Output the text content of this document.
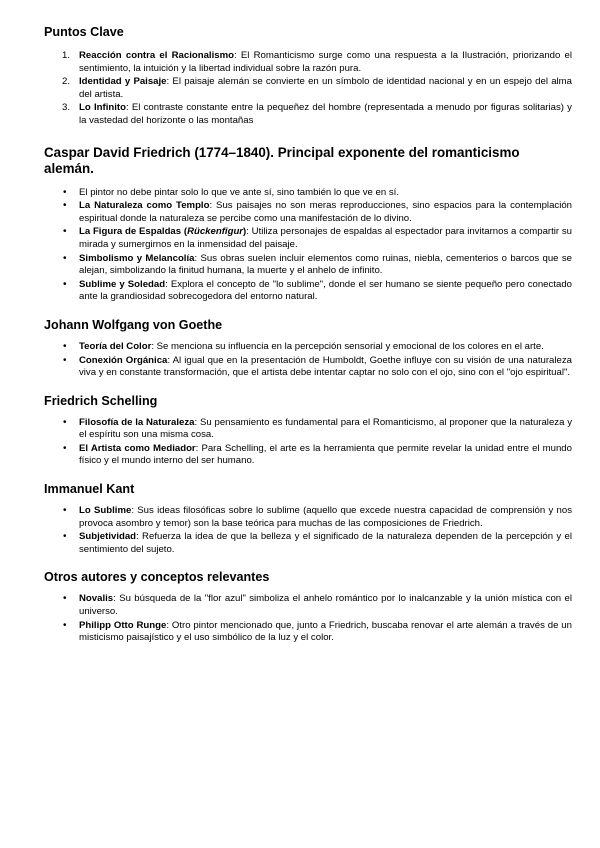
Puntos Clave
1. Reacción contra el Racionalismo: El Romanticismo surge como una respuesta a la Ilustración, priorizando el sentimiento, la intuición y la libertad individual sobre la razón pura.
2. Identidad y Paisaje: El paisaje alemán se convierte en un símbolo de identidad nacional y en un espejo del alma del artista.
3. Lo Infinito: El contraste constante entre la pequeñez del hombre (representada a menudo por figuras solitarias) y la vastedad del horizonte o las montañas
Caspar David Friedrich (1774–1840). Principal exponente del romanticismo alemán.
• El pintor no debe pintar solo lo que ve ante sí, sino también lo que ve en sí.
• La Naturaleza como Templo: Sus paisajes no son meras reproducciones, sino espacios para la contemplación espiritual donde la naturaleza se percibe como una manifestación de lo divino.
• La Figura de Espaldas (Rückenfigur): Utiliza personajes de espaldas al espectador para invitarnos a compartir su mirada y sumergirnos en la inmensidad del paisaje.
• Simbolismo y Melancolía: Sus obras suelen incluir elementos como ruinas, niebla, cementerios o barcos que se alejan, simbolizando la finitud humana, la muerte y el anhelo de infinito.
• Sublime y Soledad: Explora el concepto de "lo sublime", donde el ser humano se siente pequeño pero conectado ante la grandiosidad sobrecogedora del entorno natural.
Johann Wolfgang von Goethe
• Teoría del Color: Se menciona su influencia en la percepción sensorial y emocional de los colores en el arte.
• Conexión Orgánica: Al igual que en la presentación de Humboldt, Goethe influye con su visión de una naturaleza viva y en constante transformación, que el artista debe intentar captar no solo con el ojo, sino con el "ojo espiritual".
Friedrich Schelling
• Filosofía de la Naturaleza: Su pensamiento es fundamental para el Romanticismo, al proponer que la naturaleza y el espíritu son una misma cosa.
• El Artista como Mediador: Para Schelling, el arte es la herramienta que permite revelar la unidad entre el mundo físico y el mundo interno del ser humano.
Immanuel Kant
• Lo Sublime: Sus ideas filosóficas sobre lo sublime (aquello que excede nuestra capacidad de comprensión y nos provoca asombro y temor) son la base teórica para muchas de las composiciones de Friedrich.
• Subjetividad: Refuerza la idea de que la belleza y el significado de la naturaleza dependen de la percepción y el sentimiento del sujeto.
Otros autores y conceptos relevantes
• Novalis: Su búsqueda de la "flor azul" simboliza el anhelo romántico por lo inalcanzable y la unión mística con el universo.
• Philipp Otto Runge: Otro pintor mencionado que, junto a Friedrich, buscaba renovar el arte alemán a través de un misticismo paisajístico y el uso simbólico de la luz y el color.
